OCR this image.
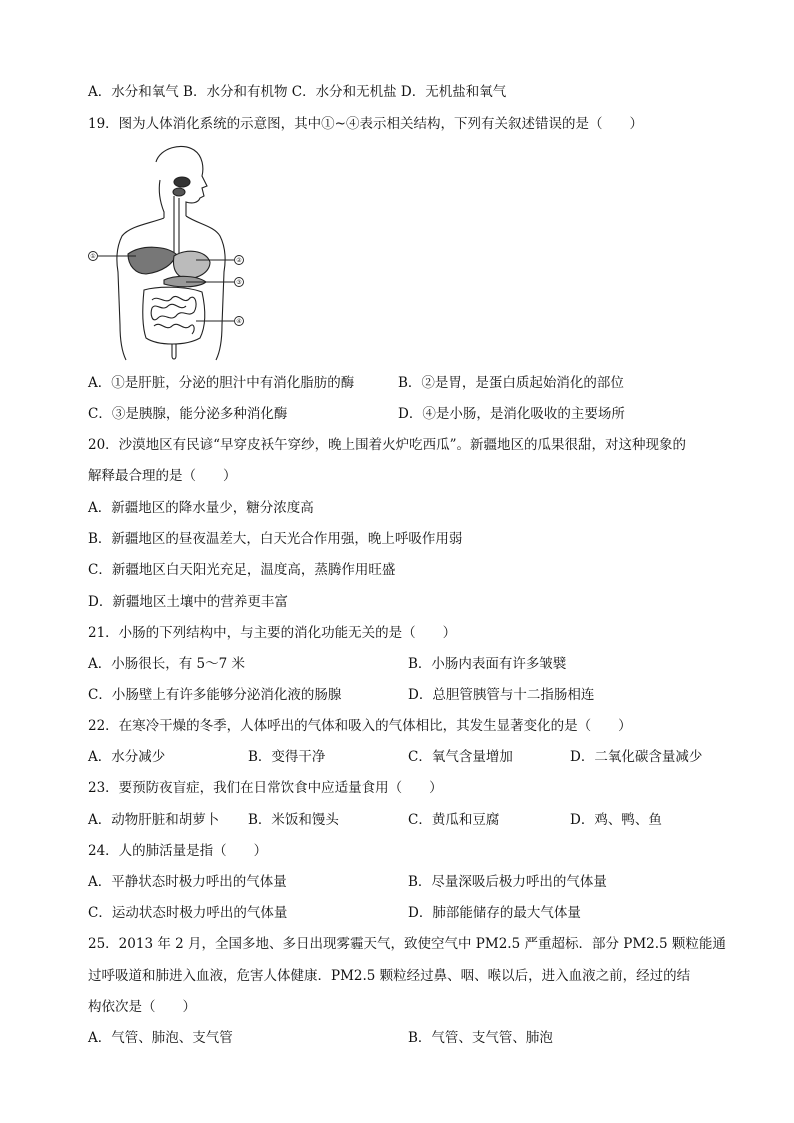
A．水分和氧气 B．水分和有机物 C．水分和无机盐 D．无机盐和氧气
19．图为人体消化系统的示意图，其中①~④表示相关结构，下列有关叙述错误的是（　　）
①
②
③
④
A．①是肝脏，分泌的胆汁中有消化脂肪的酶	B．②是胃，是蛋白质起始消化的部位
C．③是胰腺，能分泌多种消化酶	D．④是小肠，是消化吸收的主要场所
20．沙漠地区有民谚“早穿皮袄午穿纱，晚上围着火炉吃西瓜”。新疆地区的瓜果很甜，对这种现象的
解释最合理的是（　　）
A．新疆地区的降水量少，糖分浓度高
B．新疆地区的昼夜温差大，白天光合作用强，晚上呼吸作用弱
C．新疆地区白天阳光充足，温度高，蒸腾作用旺盛
D．新疆地区土壤中的营养更丰富
21．小肠的下列结构中，与主要的消化功能无关的是（　　）
A．小肠很长，有 5～7 米	B．小肠内表面有许多皱襞
C．小肠壁上有许多能够分泌消化液的肠腺	D．总胆管胰管与十二指肠相连
22．在寒冷干燥的冬季，人体呼出的气体和吸入的气体相比，其发生显著变化的是（　　）
A．水分减少	B．变得干净	C．氧气含量增加	D．二氧化碳含量减少
23．要预防夜盲症，我们在日常饮食中应适量食用（　　）
A．动物肝脏和胡萝卜 B．米饭和馒头	C．黄瓜和豆腐	D．鸡、鸭、鱼
24．人的肺活量是指（　　）
A．平静状态时极力呼出的气体量	B．尽量深吸后极力呼出的气体量
C．运动状态时极力呼出的气体量	D．肺部能储存的最大气体量
25．2013 年 2 月，全国多地、多日出现雾霾天气，致使空气中 PM2.5 严重超标．部分 PM2.5 颗粒能通
过呼吸道和肺进入血液，危害人体健康．PM2.5 颗粒经过鼻、咽、喉以后，进入血液之前，经过的结
构依次是（　　）
A．气管、肺泡、支气管	B．气管、支气管、肺泡
